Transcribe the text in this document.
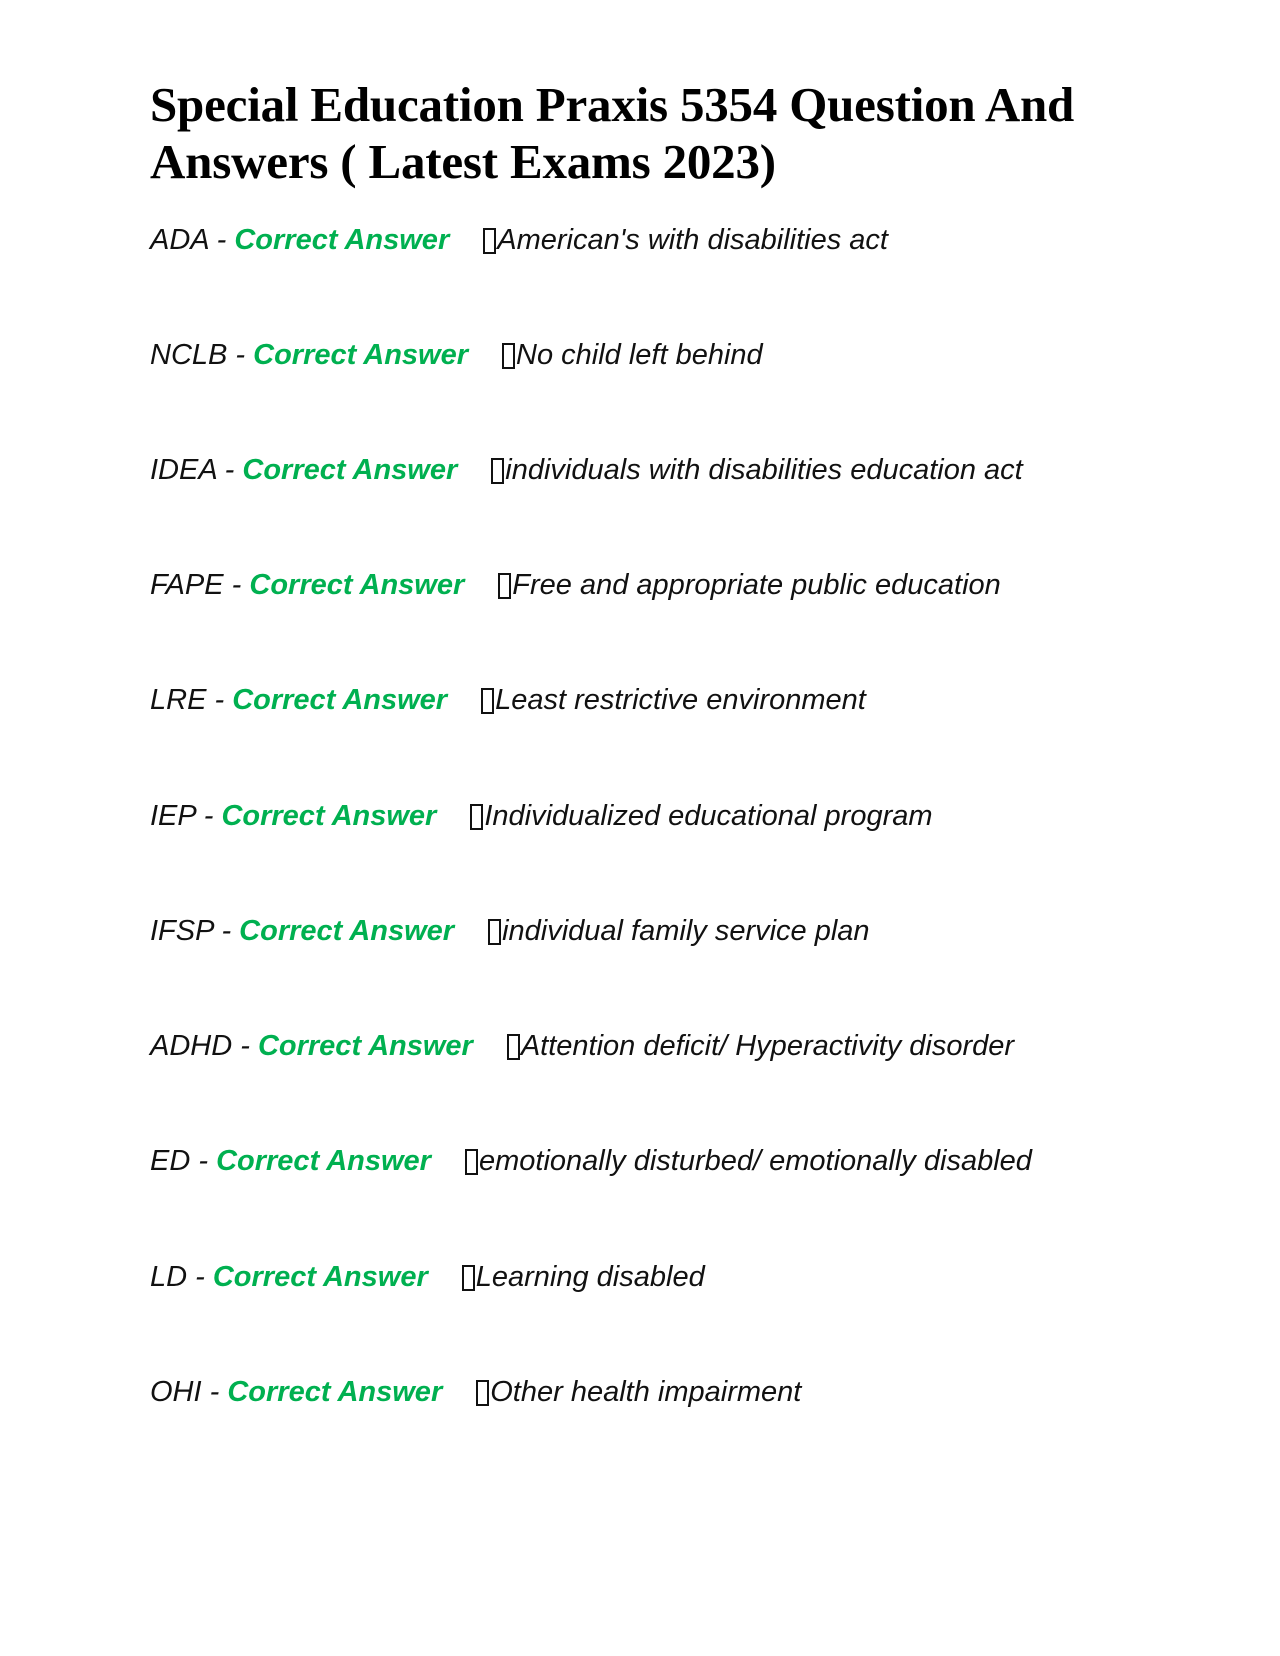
Special Education Praxis 5354 Question And Answers ( Latest Exams 2023)
ADA - Correct Answer American's with disabilities act
NCLB - Correct Answer No child left behind
IDEA - Correct Answer individuals with disabilities education act
FAPE - Correct Answer Free and appropriate public education
LRE - Correct Answer Least restrictive environment
IEP - Correct Answer Individualized educational program
IFSP - Correct Answer individual family service plan
ADHD - Correct Answer Attention deficit/ Hyperactivity disorder
ED - Correct Answer emotionally disturbed/ emotionally disabled
LD - Correct Answer Learning disabled
OHI - Correct Answer Other health impairment
